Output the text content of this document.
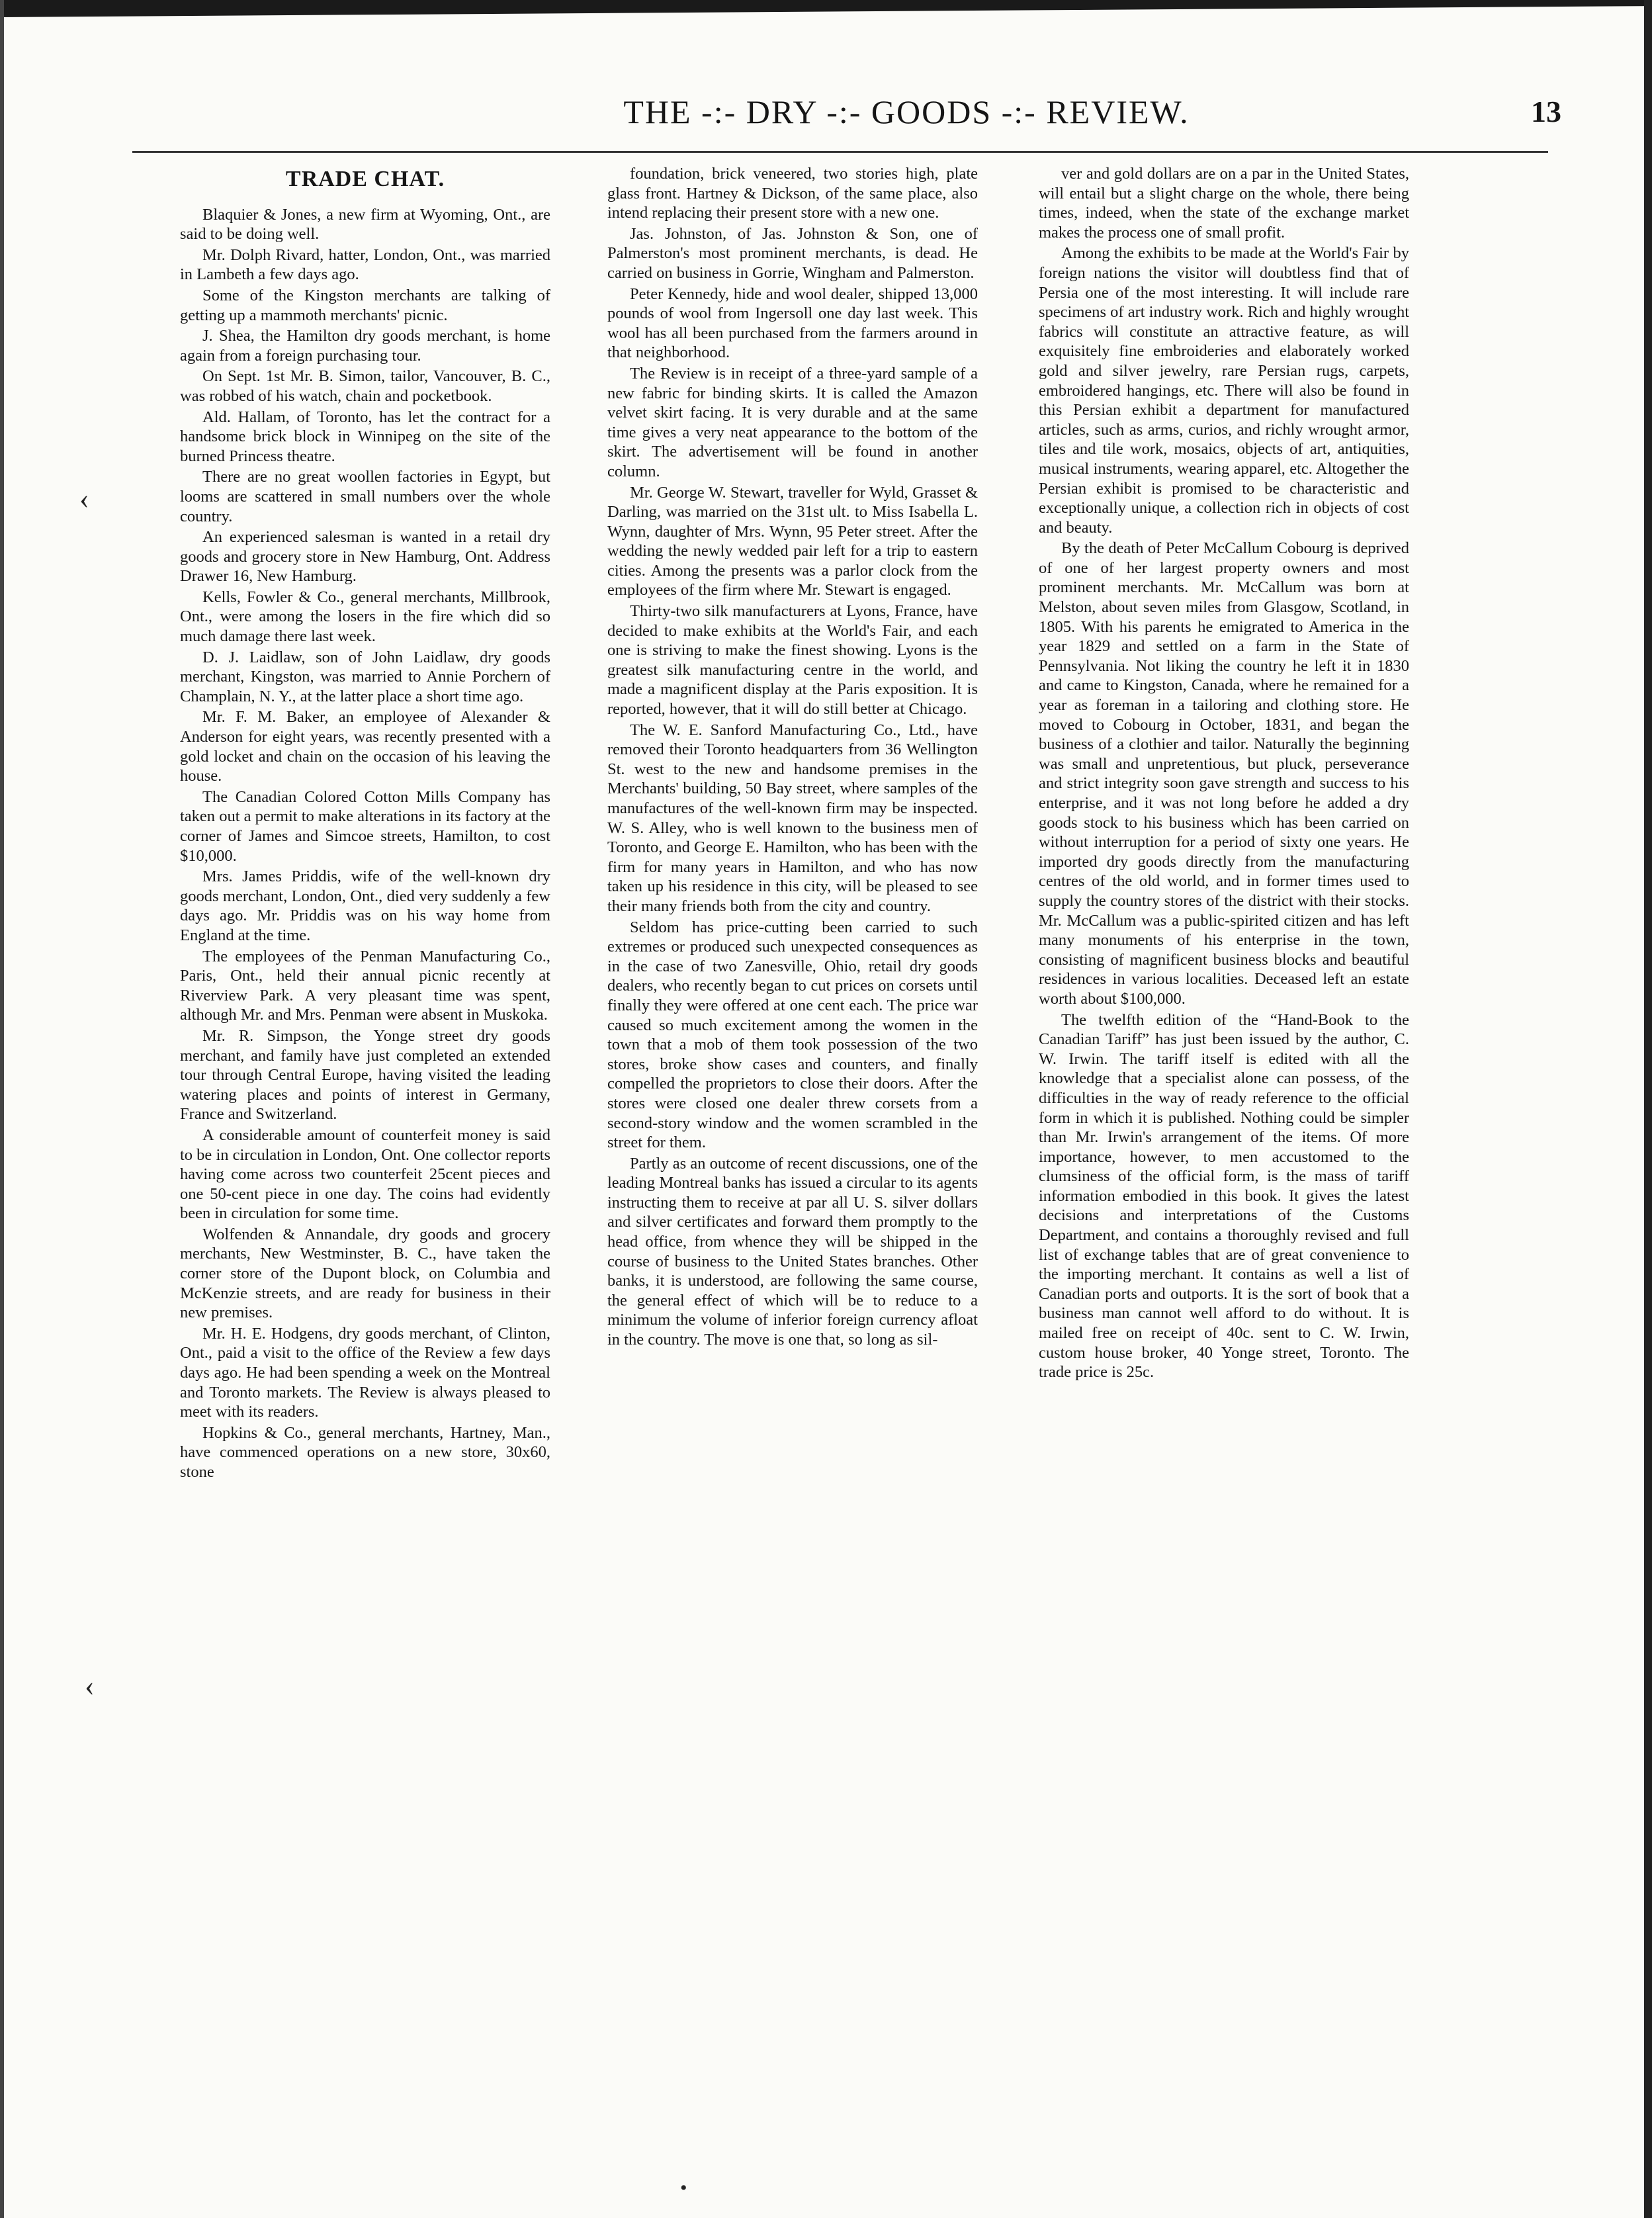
THE -:- DRY -:- GOODS -:- REVIEW.	13
TRADE CHAT.

Blaquier & Jones, a new firm at Wyoming, Ont., are said to be doing well.

Mr. Dolph Rivard, hatter, London, Ont., was married in Lambeth a few days ago.

Some of the Kingston merchants are talking of getting up a mammoth merchants' picnic.

J. Shea, the Hamilton dry goods merchant, is home again from a foreign purchasing tour.

On Sept. 1st Mr. B. Simon, tailor, Vancouver, B. C., was robbed of his watch, chain and pocketbook.

Ald. Hallam, of Toronto, has let the contract for a handsome brick block in Winnipeg on the site of the burned Princess theatre.

There are no great woollen factories in Egypt, but looms are scattered in small numbers over the whole country.

An experienced salesman is wanted in a retail dry goods and grocery store in New Hamburg, Ont. Address Drawer 16, New Hamburg.

Kells, Fowler & Co., general merchants, Millbrook, Ont., were among the losers in the fire which did so much damage there last week.

D. J. Laidlaw, son of John Laidlaw, dry goods merchant, Kingston, was married to Annie Porchern of Champlain, N. Y., at the latter place a short time ago.

Mr. F. M. Baker, an employee of Alexander & Anderson for eight years, was recently presented with a gold locket and chain on the occasion of his leaving the house.

The Canadian Colored Cotton Mills Company has taken out a permit to make alterations in its factory at the corner of James and Simcoe streets, Hamilton, to cost $10,000.

Mrs. James Priddis, wife of the well-known dry goods merchant, London, Ont., died very suddenly a few days ago. Mr. Priddis was on his way home from England at the time.

The employees of the Penman Manufacturing Co., Paris, Ont., held their annual picnic recently at Riverview Park. A very pleasant time was spent, although Mr. and Mrs. Penman were absent in Muskoka.

Mr. R. Simpson, the Yonge street dry goods merchant, and family have just completed an extended tour through Central Europe, having visited the leading watering places and points of interest in Germany, France and Switzerland.

A considerable amount of counterfeit money is said to be in circulation in London, Ont. One collector reports having come across two counterfeit 25cent pieces and one 50-cent piece in one day. The coins had evidently been in circulation for some time.

Wolfenden & Annandale, dry goods and grocery merchants, New Westminster, B. C., have taken the corner store of the Dupont block, on Columbia and McKenzie streets, and are ready for business in their new premises.

Mr. H. E. Hodgens, dry goods merchant, of Clinton, Ont., paid a visit to the office of the Review a few days days ago. He had been spending a week on the Montreal and Toronto markets. The Review is always pleased to meet with its readers.

Hopkins & Co., general merchants, Hartney, Man., have commenced operations on a new store, 30x60, stone

foundation, brick veneered, two stories high, plate glass front. Hartney & Dickson, of the same place, also intend replacing their present store with a new one.

Jas. Johnston, of Jas. Johnston & Son, one of Palmerston's most prominent merchants, is dead. He carried on business in Gorrie, Wingham and Palmerston.

Peter Kennedy, hide and wool dealer, shipped 13,000 pounds of wool from Ingersoll one day last week. This wool has all been purchased from the farmers around in that neighborhood.

The Review is in receipt of a three-yard sample of a new fabric for binding skirts. It is called the Amazon velvet skirt facing. It is very durable and at the same time gives a very neat appearance to the bottom of the skirt. The advertisement will be found in another column.

Mr. George W. Stewart, traveller for Wyld, Grasset & Darling, was married on the 31st ult. to Miss Isabella L. Wynn, daughter of Mrs. Wynn, 95 Peter street. After the wedding the newly wedded pair left for a trip to eastern cities. Among the presents was a parlor clock from the employees of the firm where Mr. Stewart is engaged.

Thirty-two silk manufacturers at Lyons, France, have decided to make exhibits at the World's Fair, and each one is striving to make the finest showing. Lyons is the greatest silk manufacturing centre in the world, and made a magnificent display at the Paris exposition. It is reported, however, that it will do still better at Chicago.

The W. E. Sanford Manufacturing Co., Ltd., have removed their Toronto headquarters from 36 Wellington St. west to the new and handsome premises in the Merchants' building, 50 Bay street, where samples of the manufactures of the well-known firm may be inspected. W. S. Alley, who is well known to the business men of Toronto, and George E. Hamilton, who has been with the firm for many years in Hamilton, and who has now taken up his residence in this city, will be pleased to see their many friends both from the city and country.

Seldom has price-cutting been carried to such extremes or produced such unexpected consequences as in the case of two Zanesville, Ohio, retail dry goods dealers, who recently began to cut prices on corsets until finally they were offered at one cent each. The price war caused so much excitement among the women in the town that a mob of them took possession of the two stores, broke show cases and counters, and finally compelled the proprietors to close their doors. After the stores were closed one dealer threw corsets from a second-story window and the women scrambled in the street for them.

Partly as an outcome of recent discussions, one of the leading Montreal banks has issued a circular to its agents instructing them to receive at par all U. S. silver dollars and silver certificates and forward them promptly to the head office, from whence they will be shipped in the course of business to the United States branches. Other banks, it is understood, are following the same course, the general effect of which will be to reduce to a minimum the volume of inferior foreign currency afloat in the country. The move is one that, so long as sil-

ver and gold dollars are on a par in the United States, will entail but a slight charge on the whole, there being times, indeed, when the state of the exchange market makes the process one of small profit.

Among the exhibits to be made at the World's Fair by foreign nations the visitor will doubtless find that of Persia one of the most interesting. It will include rare specimens of art industry work. Rich and highly wrought fabrics will constitute an attractive feature, as will exquisitely fine embroideries and elaborately worked gold and silver jewelry, rare Persian rugs, carpets, embroidered hangings, etc. There will also be found in this Persian exhibit a department for manufactured articles, such as arms, curios, and richly wrought armor, tiles and tile work, mosaics, objects of art, antiquities, musical instruments, wearing apparel, etc. Altogether the Persian exhibit is promised to be characteristic and exceptionally unique, a collection rich in objects of cost and beauty.

By the death of Peter McCallum Cobourg is deprived of one of her largest property owners and most prominent merchants. Mr. McCallum was born at Melston, about seven miles from Glasgow, Scotland, in 1805. With his parents he emigrated to America in the year 1829 and settled on a farm in the State of Pennsylvania. Not liking the country he left it in 1830 and came to Kingston, Canada, where he remained for a year as foreman in a tailoring and clothing store. He moved to Cobourg in October, 1831, and began the business of a clothier and tailor. Naturally the beginning was small and unpretentious, but pluck, perseverance and strict integrity soon gave strength and success to his enterprise, and it was not long before he added a dry goods stock to his business which has been carried on without interruption for a period of sixty one years. He imported dry goods directly from the manufacturing centres of the old world, and in former times used to supply the country stores of the district with their stocks. Mr. McCallum was a public-spirited citizen and has left many monuments of his enterprise in the town, consisting of magnificent business blocks and beautiful residences in various localities. Deceased left an estate worth about $100,000.

The twelfth edition of the “Hand-Book to the Canadian Tariff” has just been issued by the author, C. W. Irwin. The tariff itself is edited with all the knowledge that a specialist alone can possess, of the difficulties in the way of ready reference to the official form in which it is published. Nothing could be simpler than Mr. Irwin's arrangement of the items. Of more importance, however, to men accustomed to the clumsiness of the official form, is the mass of tariff information embodied in this book. It gives the latest decisions and interpretations of the Customs Department, and contains a thoroughly revised and full list of exchange tables that are of great convenience to the importing merchant. It contains as well a list of Canadian ports and outports. It is the sort of book that a business man cannot well afford to do without. It is mailed free on receipt of 40c. sent to C. W. Irwin, custom house broker, 40 Yonge street, Toronto. The trade price is 25c.

‹
‹
•
